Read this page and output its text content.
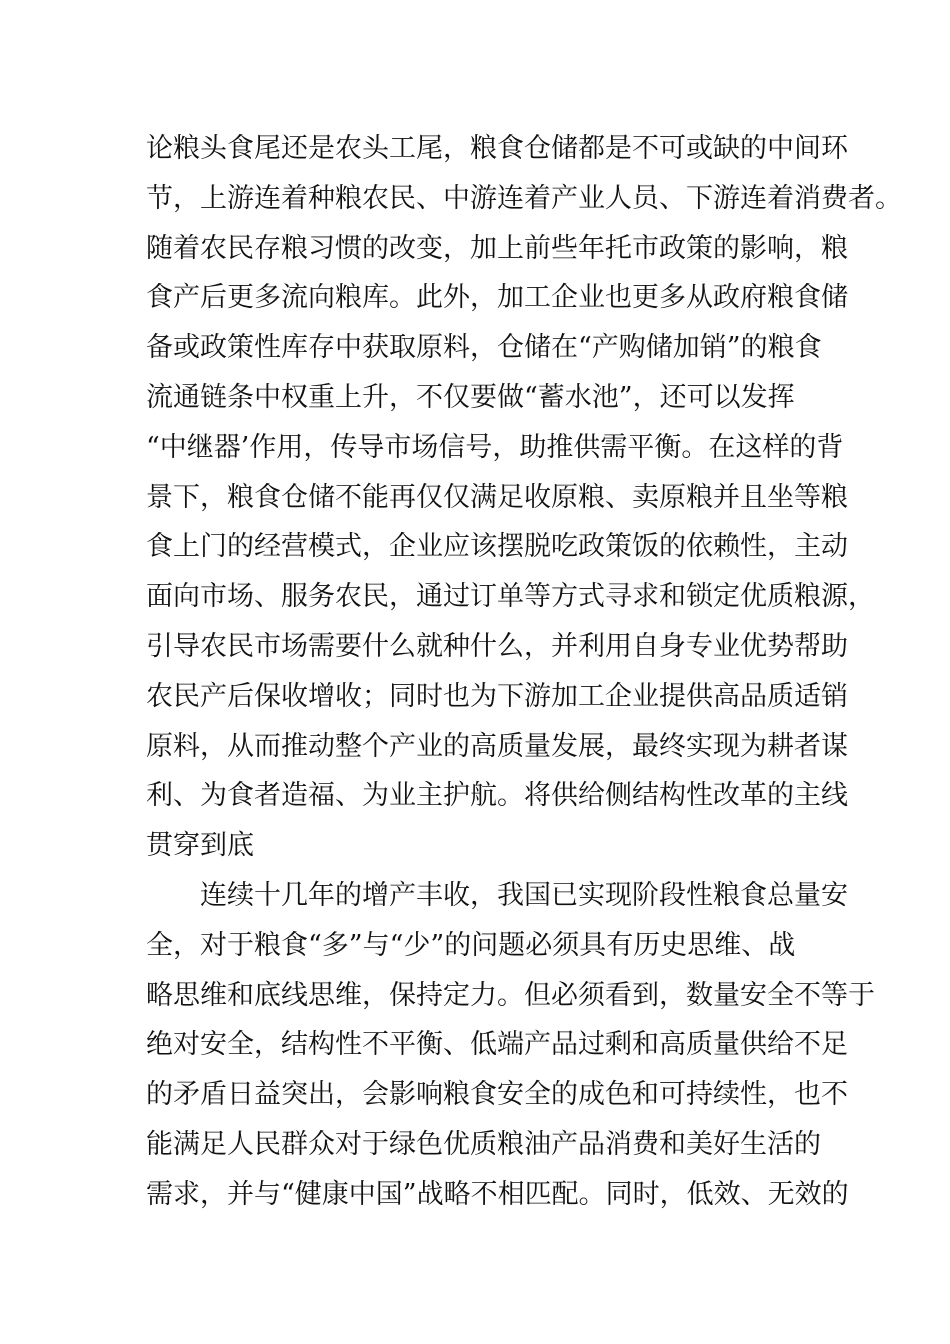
论粮头食尾还是农头工尾，粮食仓储都是不可或缺的中间环
节，上游连着种粮农民、中游连着产业人员、下游连着消费者。
随着农民存粮习惯的改变，加上前些年托市政策的影响，粮
食产后更多流向粮库。此外，加工企业也更多从政府粮食储
备或政策性库存中获取原料，仓储在“产购储加销”的粮食
流通链条中权重上升，不仅要做“蓄水池”，还可以发挥
“中继器’作用，传导市场信号，助推供需平衡。在这样的背
景下，粮食仓储不能再仅仅满足收原粮、卖原粮并且坐等粮
食上门的经营模式，企业应该摆脱吃政策饭的依赖性，主动
面向市场、服务农民，通过订单等方式寻求和锁定优质粮源，
引导农民市场需要什么就种什么，并利用自身专业优势帮助
农民产后保收增收；同时也为下游加工企业提供高品质适销
原料，从而推动整个产业的高质量发展，最终实现为耕者谋
利、为食者造福、为业主护航。将供给侧结构性改革的主线
贯穿到底
连续十几年的增产丰收，我国已实现阶段性粮食总量安
全，对于粮食“多”与“少”的问题必须具有历史思维、战
略思维和底线思维，保持定力。但必须看到，数量安全不等于
绝对安全，结构性不平衡、低端产品过剩和高质量供给不足
的矛盾日益突出，会影响粮食安全的成色和可持续性，也不
能满足人民群众对于绿色优质粮油产品消费和美好生活的
需求，并与“健康中国”战略不相匹配。同时，低效、无效的
